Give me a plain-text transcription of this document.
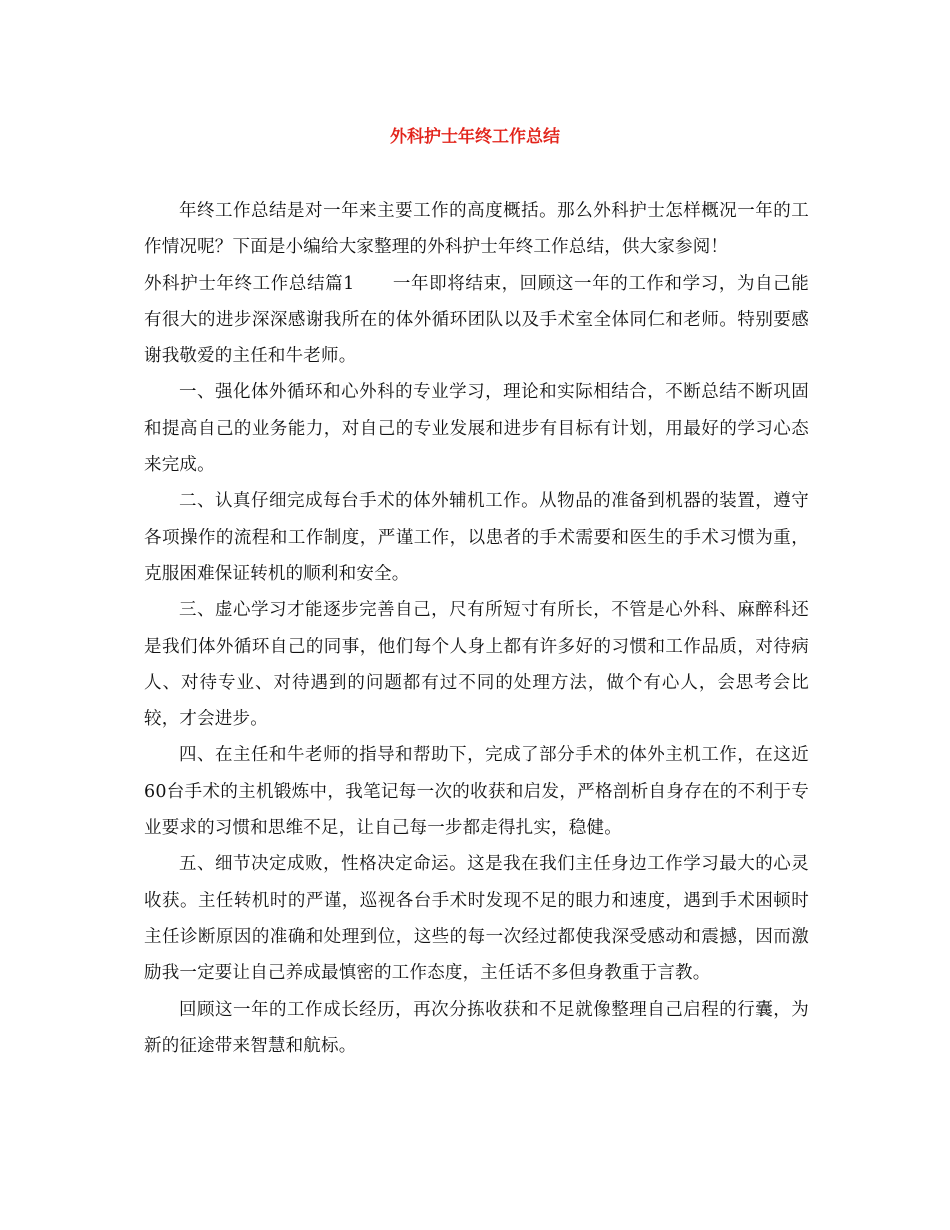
外科护士年终工作总结

年终工作总结是对一年来主要工作的高度概括。那么外科护士怎样概况一年的工作情况呢？下面是小编给大家整理的外科护士年终工作总结，供大家参阅！

外科护士年终工作总结篇1 一年即将结束，回顾这一年的工作和学习，为自己能有很大的进步深深感谢我所在的体外循环团队以及手术室全体同仁和老师。特别要感谢我敬爱的主任和牛老师。

一、强化体外循环和心外科的专业学习，理论和实际相结合，不断总结不断巩固和提高自己的业务能力，对自己的专业发展和进步有目标有计划，用最好的学习心态来完成。

二、认真仔细完成每台手术的体外辅机工作。从物品的准备到机器的装置，遵守各项操作的流程和工作制度，严谨工作，以患者的手术需要和医生的手术习惯为重，克服困难保证转机的顺利和安全。

三、虚心学习才能逐步完善自己，尺有所短寸有所长，不管是心外科、麻醉科还是我们体外循环自己的同事，他们每个人身上都有许多好的习惯和工作品质，对待病人、对待专业、对待遇到的问题都有过不同的处理方法，做个有心人，会思考会比较，才会进步。

四、在主任和牛老师的指导和帮助下，完成了部分手术的体外主机工作，在这近60台手术的主机锻炼中，我笔记每一次的收获和启发，严格剖析自身存在的不利于专业要求的习惯和思维不足，让自己每一步都走得扎实，稳健。

五、细节决定成败，性格决定命运。这是我在我们主任身边工作学习最大的心灵收获。主任转机时的严谨，巡视各台手术时发现不足的眼力和速度，遇到手术困顿时主任诊断原因的准确和处理到位，这些的每一次经过都使我深受感动和震撼，因而激励我一定要让自己养成最慎密的工作态度，主任话不多但身教重于言教。

回顾这一年的工作成长经历，再次分拣收获和不足就像整理自己启程的行囊，为新的征途带来智慧和航标。
